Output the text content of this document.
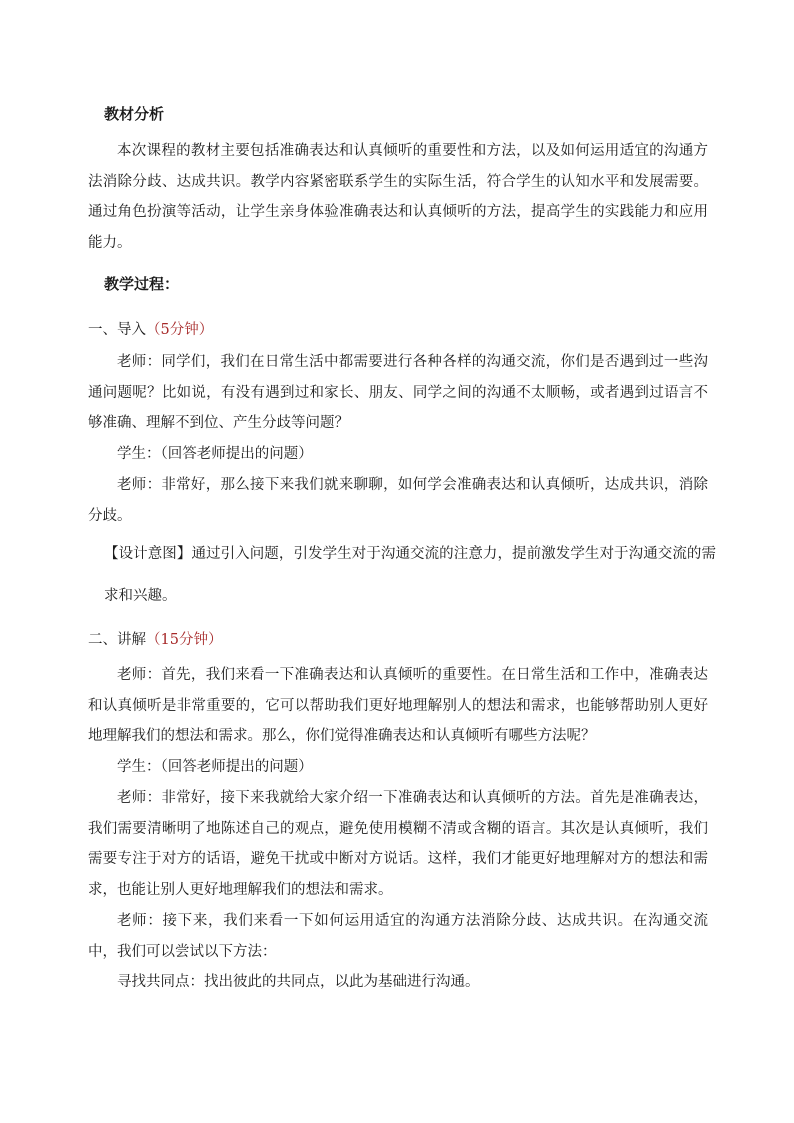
教材分析

本次课程的教材主要包括准确表达和认真倾听的重要性和方法，以及如何运用适宜的沟通方法消除分歧、达成共识。教学内容紧密联系学生的实际生活，符合学生的认知水平和发展需要。通过角色扮演等活动，让学生亲身体验准确表达和认真倾听的方法，提高学生的实践能力和应用能力。

教学过程：
一、导入（5分钟）

老师：同学们，我们在日常生活中都需要进行各种各样的沟通交流，你们是否遇到过一些沟通问题呢？比如说，有没有遇到过和家长、朋友、同学之间的沟通不太顺畅，或者遇到过语言不够准确、理解不到位、产生分歧等问题？

学生：（回答老师提出的问题）

老师：非常好，那么接下来我们就来聊聊，如何学会准确表达和认真倾听，达成共识，消除分歧。

【设计意图】通过引入问题，引发学生对于沟通交流的注意力，提前激发学生对于沟通交流的需求和兴趣。

二、讲解（15分钟）

老师：首先，我们来看一下准确表达和认真倾听的重要性。在日常生活和工作中，准确表达和认真倾听是非常重要的，它可以帮助我们更好地理解别人的想法和需求，也能够帮助别人更好地理解我们的想法和需求。那么，你们觉得准确表达和认真倾听有哪些方法呢？

学生：（回答老师提出的问题）

老师：非常好，接下来我就给大家介绍一下准确表达和认真倾听的方法。首先是准确表达，我们需要清晰明了地陈述自己的观点，避免使用模糊不清或含糊的语言。其次是认真倾听，我们需要专注于对方的话语，避免干扰或中断对方说话。这样，我们才能更好地理解对方的想法和需求，也能让别人更好地理解我们的想法和需求。

老师：接下来，我们来看一下如何运用适宜的沟通方法消除分歧、达成共识。在沟通交流中，我们可以尝试以下方法：

寻找共同点：找出彼此的共同点，以此为基础进行沟通。
